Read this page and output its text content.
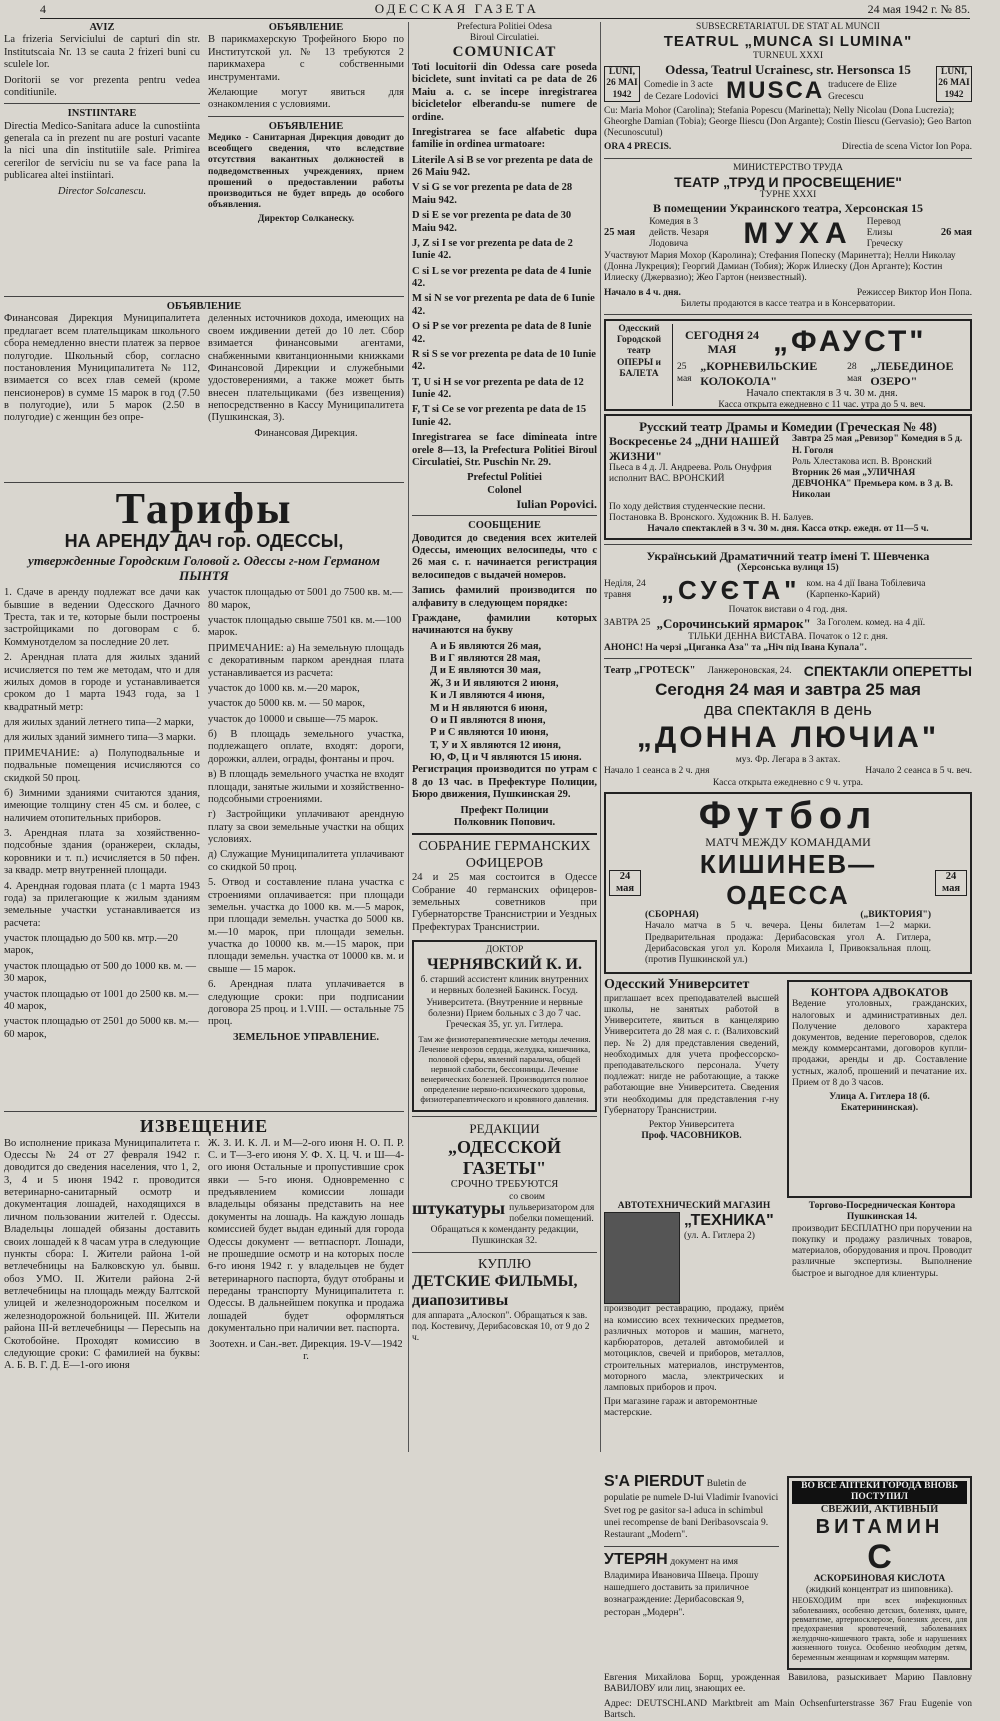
4	ОДЕССКАЯ ГАЗЕТА	24 мая 1942 г. № 85.
AVIZ

La frizeria Serviciului de capturi din str. Institutscaia Nr. 13 se cauta 2 frizeri buni cu sculele lor.

Doritorii se vor prezenta pentru vedea conditiunile.

INSTIINTARE

Directia Medico-Sanitara aduce la cunostiinta generala ca in prezent nu are posturi vacante la nici una din institutiile sale. Primirea cererilor de serviciu nu se va face pana la publicarea altei instiintari.

Director Solcanescu.

ОБЪЯВЛЕНИЕ

В парикмахерскую Трофейного Бюро по Институтской ул. № 13 требуются 2 парикмахера с собственными инструментами.

Желающие могут явиться для ознакомления с условиями.

ОБЪЯВЛЕНИЕ

Медико - Санитарная Дирекция доводит до всеобщего сведения, что вследствие отсутствия вакантных должностей в подведомственных учреждениях, прием прошений о предоставлении работы производиться не будет впредь до особого объявления.

Директор Солканеску.

ОБЪЯВЛЕНИЕ

Финансовая Дирекция Муниципалитета предлагает всем плательщикам школьного сбора немедленно внести платеж за первое полугодие. Школьный сбор, согласно постановления Муниципалитета № 112, взимается со всех глав семей (кроме пенсионеров) в сумме 15 марок в год (7.50 в полугодие), или 5 марок (2.50 в полугодие) с женщин без опре-

деленных источников дохода, имеющих на своем иждивении детей до 10 лет. Сбор взимается финансовыми агентами, снабженными квитанционными книжками Финансовой Дирекции и служебными удостоверениями, а также может быть внесен плательщиками (без извещения) непосредственно в Кассу Муниципалитета (Пушкинская, 3).

Финансовая Дирекция.

Тарифы
НА АРЕНДУ ДАЧ гор. ОДЕССЫ,
утвержденные Городским Головой г. Одессы г-ном Германом ПЫНТЯ

1. Сдаче в аренду подлежат все дачи как бывшие в ведении Одесского Дачного Треста, так и те, которые были построены застройщиками по договорам с б. Коммунотделом за последние 20 лет.

2. Арендная плата для жилых зданий исчисляется по тем же методам, что и для жилых домов в городе и устанавливается сроком до 1 марта 1943 года, за 1 квадратный метр:

для жилых зданий летнего типа—2 марки,

для жилых зданий зимнего типа—3 марки.

ПРИМЕЧАНИЕ: а) Полуподвальные и подвальные помещения исчисляются со скидкой 50 проц.

б) Зимними зданиями считаются здания, имеющие толщину стен 45 см. и более, с наличием отопительных приборов.

3. Арендная плата за хозяйственно-подсобные здания (оранжереи, склады, коровники и т. п.) исчисляется в 50 пфен. за квадр. метр внутренней площади.

4. Арендная годовая плата (с 1 марта 1943 года) за прилегающие к жилым зданиям земельные участки устанавливается из расчета:

участок площадью до 500 кв. мтр.—20 марок,

участок площадью от 500 до 1000 кв. м. — 30 марок,

участок площадью от 1001 до 2500 кв. м.—40 марок,

участок площадью от 2501 до 5000 кв. м.—60 марок,

участок площадью от 5001 до 7500 кв. м.—80 марок,

участок площадью свыше 7501 кв. м.—100 марок.

ПРИМЕЧАНИЕ: а) На земельную площадь с декоративным парком арендная плата устанавливается из расчета:

участок до 1000 кв. м.—20 марок,

участок до 5000 кв. м. — 50 марок,

участок до 10000 и свыше—75 марок.

б) В площадь земельного участка, подлежащего оплате, входят: дороги, дорожки, аллеи, ограды, фонтаны и проч.

в) В площадь земельного участка не входят площади, занятые жилыми и хозяйственно-подсобными строениями.

г) Застройщики уплачивают арендную плату за свои земельные участки на общих условиях.

д) Служащие Муниципалитета уплачивают со скидкой 50 проц.

5. Отвод и составление плана участка с строениями оплачивается: при площади земельн. участка до 1000 кв. м.—5 марок, при площади земельн. участка до 5000 кв. м.—10 марок, при площади земельн. участка до 10000 кв. м.—15 марок, при площади земельн. участка от 10000 кв. м. и свыше — 15 марок.

6. Арендная плата уплачивается в следующие сроки: при подписании договора 25 проц. и 1.VIII. — остальные 75 проц.

ЗЕМЕЛЬНОЕ УПРАВЛЕНИЕ.

ИЗВЕЩЕНИЕ

Во исполнение приказа Муниципалитета г. Одессы № 24 от 27 февраля 1942 г. доводится до сведения населения, что 1, 2, 3, 4 и 5 июня 1942 г. проводится ветеринарно-санитарный осмотр и документация лошадей, находящихся в личном пользовании жителей г. Одессы. Владельцы лошадей обязаны доставить своих лошадей к 8 часам утра в следующие пункты сбора: I. Жители района 1-ой ветлечебницы на Балковскую ул. бывш. обоз УМО. II. Жители района 2-й ветлечебницы на площадь между Балтской улицей и железнодорожным поселком и железнодорожной больницей. III. Жители района III-й ветлечебницы — Пересыпь на Скотобойне. Проходят комиссию в следующие сроки: С фамилией на буквы: А. Б. В. Г. Д. Е—1-ого июня

Ж. З. И. К. Л. и М—2-ого июня Н. О. П. Р. С. и Т—3-его июня У. Ф. Х. Ц. Ч. и Ш—4-ого июня Остальные и пропустившие срок явки — 5-го июня. Одновременно с предъявлением комиссии лошади владельцы обязаны представить на нее документы на лошадь. На каждую лошадь комиссией будет выдан единый для города Одессы документ — ветпаспорт. Лошади, не прошедшие осмотр и на которых после 6-го июня 1942 г. у владельцев не будет ветеринарного паспорта, будут отобраны и переданы транспорту Муниципалитета г. Одессы. В дальнейшем покупка и продажа лошадей будет оформляться документально при наличии вет. паспорта.

Зоотехн. и Сан.-вет. Дирекция. 19-V—1942 г.

Prefectura Politiei Odesa
Biroul Circulatiei.
COMUNICAT

Toti locuitorii din Odessa care poseda biciclete, sunt invitati ca pe data de 26 Maiu a. c. se incepe inregistrarea bicicletelor elberandu-se numere de ordine.

Inregistrarea se face alfabetic dupa familie in ordinea urmatoare:

Literile A si B se vor prezenta pe data de 26 Maiu 942.

V si G se vor prezenta pe data de 28 Maiu 942.

D si E se vor prezenta pe data de 30 Maiu 942.

J, Z si I se vor prezenta pe data de 2 Iunie 42.

C si L se vor prezenta pe data de 4 Iunie 42.

M si N se vor prezenta pe data de 6 Iunie 42.

O si P se vor prezenta pe data de 8 Iunie 42.

R si S se vor prezenta pe data de 10 Iunie 42.

T, U si H se vor prezenta pe data de 12 Iunie 42.

F, T si Ce se vor prezenta pe data de 15 Iunie 42.

Inregistrarea se face dimineata intre orele 8—13, la Prefectura Politiei Biroul Circulatiei, Str. Puschin Nr. 29.

Prefectul Politiei
Colonel
Iulian Popovici.
СООБЩЕНИЕ

Доводится до сведения всех жителей Одессы, имеющих велосипеды, что с 26 мая с. г. начинается регистрация велосипедов с выдачей номеров.

Запись фамилий производится по алфавиту в следующем порядке:

Граждане, фамилии которых начинаются на букву

А и Б являются 26 мая,
В и Г являются 28 мая,
Д и Е являются 30 мая,
Ж, З и И являются 2 июня,
К и Л являются 4 июня,
М и Н являются 6 июня,
О и П являются 8 июня,
Р и С являются 10 июня,
Т, У и Х являются 12 июня,
Ю, Ф, Ц и Ч являются 15 июня.

Регистрация производится по утрам с 8 до 13 час. в Префектуре Полиции, Бюро движения, Пушкинская 29.

Префект Полиции
Полковник Попович.
СОБРАНИЕ ГЕРМАНСКИХ ОФИЦЕРОВ

24 и 25 мая состоится в Одессе Собрание 40 германских офицеров-земельных советников при Губернаторстве Транснистрии и Уездных Префектурах Транснистрии.

ДОКТОР
ЧЕРНЯВСКИЙ К. И.

б. старший ассистент клиник внутренних и нервных болезней Бакинск. Госуд. Университета. (Внутренние и нервные болезни) Прием больных с 3 до 7 час. Греческая 35, уг. ул. Гитлера.

Там же физиотерапевтические методы лечения. Лечение неврозов сердца, желудка, кишечника, половой сферы, явлений паралича, общей нервной слабости, бессонницы. Лечение венерических болезней. Производится полное определение нервно-психического здоровья, физиотерапевтического и кровяного давления.

РЕДАКЦИИ
„ОДЕССКОЙ ГАЗЕТЫ"
СРОЧНО ТРЕБУЮТСЯ
штукатуры
со своим пульверизатором для побелки помещений.

Обращаться к коменданту редакции, Пушкинская 32.

КУПЛЮ
ДЕТСКИЕ ФИЛЬМЫ, диапозитивы

для аппарата „Алоскоп". Обращаться к зав. под. Костевичу, Дерибасовская 10, от 9 до 2 ч.

SUBSECRETARIATUL DE STAT AL MUNCII
TEATRUL „MUNCA SI LUMINA"
TURNEUL XXXI
LUNI, 26 MAI 1942
Odessa, Teatrul Ucrainesc, str. Hersonsca 15
Comedie in 3 acte de Cezare Lodovici MUSCA traducere de Elize Grecescu
LUNI, 26 MAI 1942

Cu: Maria Mohor (Carolina); Stefania Popescu (Marinetta); Nelly Nicolau (Dona Lucrezia); Gheorghe Damian (Tobia); George Iliescu (Don Argante); Costin Iliescu (Gervasio); Geo Barton (Necunoscutul)

ORA 4 PRECIS.	Directia de scena Victor Ion Popa.
МИНИСТЕРСТВО ТРУДА
ТЕАТР „ТРУД И ПРОСВЕЩЕНИЕ"
ТУРНЕ XXXI
В помещении Украинского театра, Херсонская 15
25 мая
Комедия в 3 действ. Чезаря Лодовича	МУХА Перевод Елизы Греческу
26 мая

Участвуют Мария Мохор (Каролина); Стефания Попеску (Маринетта); Нелли Николау (Донна Лукреция); Георгий Дамиан (Тобия); Жорж Илиеску (Дон Арганте); Костин Илиеску (Джервазио); Жео Гартон (неизвестный).

Начало в 4 ч. дня.	Режиссер Виктор Ион Попа.
Билеты продаются в кассе театра и в Консерватории.
Одесский Городской театр ОПЕРЫ и БАЛЕТА
СЕГОДНЯ 24 МАЯ	„ФАУСТ"
25 мая
„КОРНЕВИЛЬСКИЕ КОЛОКОЛА"
28 мая
„ЛЕБЕДИНОЕ ОЗЕРО"
Начало спектакля в 3 ч. 30 м. дня.
Касса открыта ежедневно с 11 час. утра до 5 ч. веч.
Русский театр Драмы и Комедии (Греческая № 48)
Воскресенье 24 „ДНИ НАШЕЙ ЖИЗНИ"
Пьеса в 4 д. Л. Андреева. Роль Онуфрия исполнит ВАС. ВРОНСКИЙ
Завтра 25 мая „Ревизор" Комедия в 5 д. Н. Гоголя
Роль Хлестакова исп. В. Вронский
Вторник 26 мая „УЛИЧНАЯ ДЕВЧОНКА" Премьера ком. в 3 д. В. Николаи
По ходу действия студенческие песни.
Постановка В. Вронского. Художник В. Н. Балуев.
Начало спектаклей в 3 ч. 30 м. дня. Касса откр. ежедн. от 11—5 ч.
Український Драматичний театр імені Т. Шевченка
(Херсонська вулиця 15)
Неділя, 24 травня	„СУЄТА" ком. на 4 дії Івана Тобілевича (Карпенко-Карий)
Початок вистави о 4 год. дня.
ЗАВТРА 25 „Сорочинський ярмарок" За Гоголем. комед. на 4 дії.
ТІЛЬКИ ДЕННА ВИСТАВА. Початок о 12 г. дня.
АНОНС! На черзі „Циганка Аза" та „Ніч під Івана Купала".
Театр „ГРОТЕСК" Ланжероновская, 24. СПЕКТАКЛИ ОПЕРЕТТЫ
Сегодня 24 мая и завтра 25 мая
два спектакля в день
„ДОННА ЛЮЧИА"
муз. Фр. Легара в 3 актах.
Начало 1 сеанса в 2 ч. дня	Начало 2 сеанса в 5 ч. веч.
Касса открыта ежедневно с 9 ч. утра.
24 мая
Футбол
МАТЧ МЕЖДУ КОМАНДАМИ
КИШИНЕВ—ОДЕССА
(СБОРНАЯ)	(„ВИКТОРИЯ")

Начало матча в 5 ч. вечера. Цены билетам 1—2 марки. Предварительная продажа: Дерибасовская угол А. Гитлера, Дерибасовская угол ул. Короля Михаила I, Привокзальная площ. (против Пушкинской ул.)

24 мая
Одесский Университет

приглашает всех преподавателей высшей школы, не занятых работой в Университете, явиться в канцелярию Университета до 28 мая с. г. (Валиховский пер. № 2) для представления сведений, необходимых для учета профессорско-преподавательского персонала. Учету подлежат: нигде не работающие, а также работающие вне Университета. Сведения эти необходимы для представления г-ну Губернатору Транснистрии.

Ректор Университета
Проф. ЧАСОВНИКОВ.
КОНТОРА АДВОКАТОВ

Ведение уголовных, гражданских, налоговых и административных дел. Получение делового характера документов, ведение переговоров, сделок между коммерсантами, договоров купли-продажи, аренды и др. Составление устных, жалоб, прошений и печатание их. Прием от 8 до 3 часов.

Улица А. Гитлера 18 (б. Екатерининская).
АВТОТЕХНИЧЕСКИЙ МАГАЗИН
„ТЕХНИКА"
(ул. А. Гитлера 2)

производит реставрацию, продажу, приём на комиссию всех технических предметов, различных моторов и машин, магнето, карбюраторов, деталей автомобилей и мотоциклов, свечей и приборов, металлов, строительных материалов, инструментов, моторного масла, электрических и ламповых приборов и проч.

При магазине гараж и авторемонтные мастерские.

Торгово-Посредническая Контора
Пушкинская 14.

производит БЕСПЛАТНО при поручении на покупку и продажу различных товаров, материалов, оборудования и проч. Проводит различные экспертизы. Выполнение быстрое и выгодное для клиентуры.

S'A PIERDUT Buletin de populatie pe numele D-lui Vladimir Ivanovici Svet rog pe gasitor sa-l aduca in schimbul unei recompense de bani Deribasovscaia 9. Restaurant „Modern".
УТЕРЯН документ на имя Владимира Ивановича Швеца. Прошу нашедшего доставить за приличное вознаграждение: Дерибасовская 9, ресторан „Модерн".
ВО ВСЕ АПТЕКИ ГОРОДА ВНОВЬ ПОСТУПИЛ
СВЕЖИЙ, АКТИВНЫЙ
ВИТАМИН
С
АСКОРБИНОВАЯ КИСЛОТА
(жидкий концентрат из шиповника).

НЕОБХОДИМ при всех инфекционных заболеваниях, особенно детских, болезнях, цынге, ревматизме, артериосклерозе, болезнях десен, для предохранения кровотечений, заболеваниях желудочно-кишечного тракта, зобе и нарушениях жизненного тонуса. Особенно необходим детям, беременным женщинам и кормящим матерям.

Евгения Михайлова Борщ, урожденная Вавилова, разыскивает Марию Павловну ВАВИЛОВУ или лиц, знающих ее.

Адрес: DEUTSCHLAND Marktbreit am Main Ochsenfurterstrasse 367 Frau Eugenie von Bartsch.
